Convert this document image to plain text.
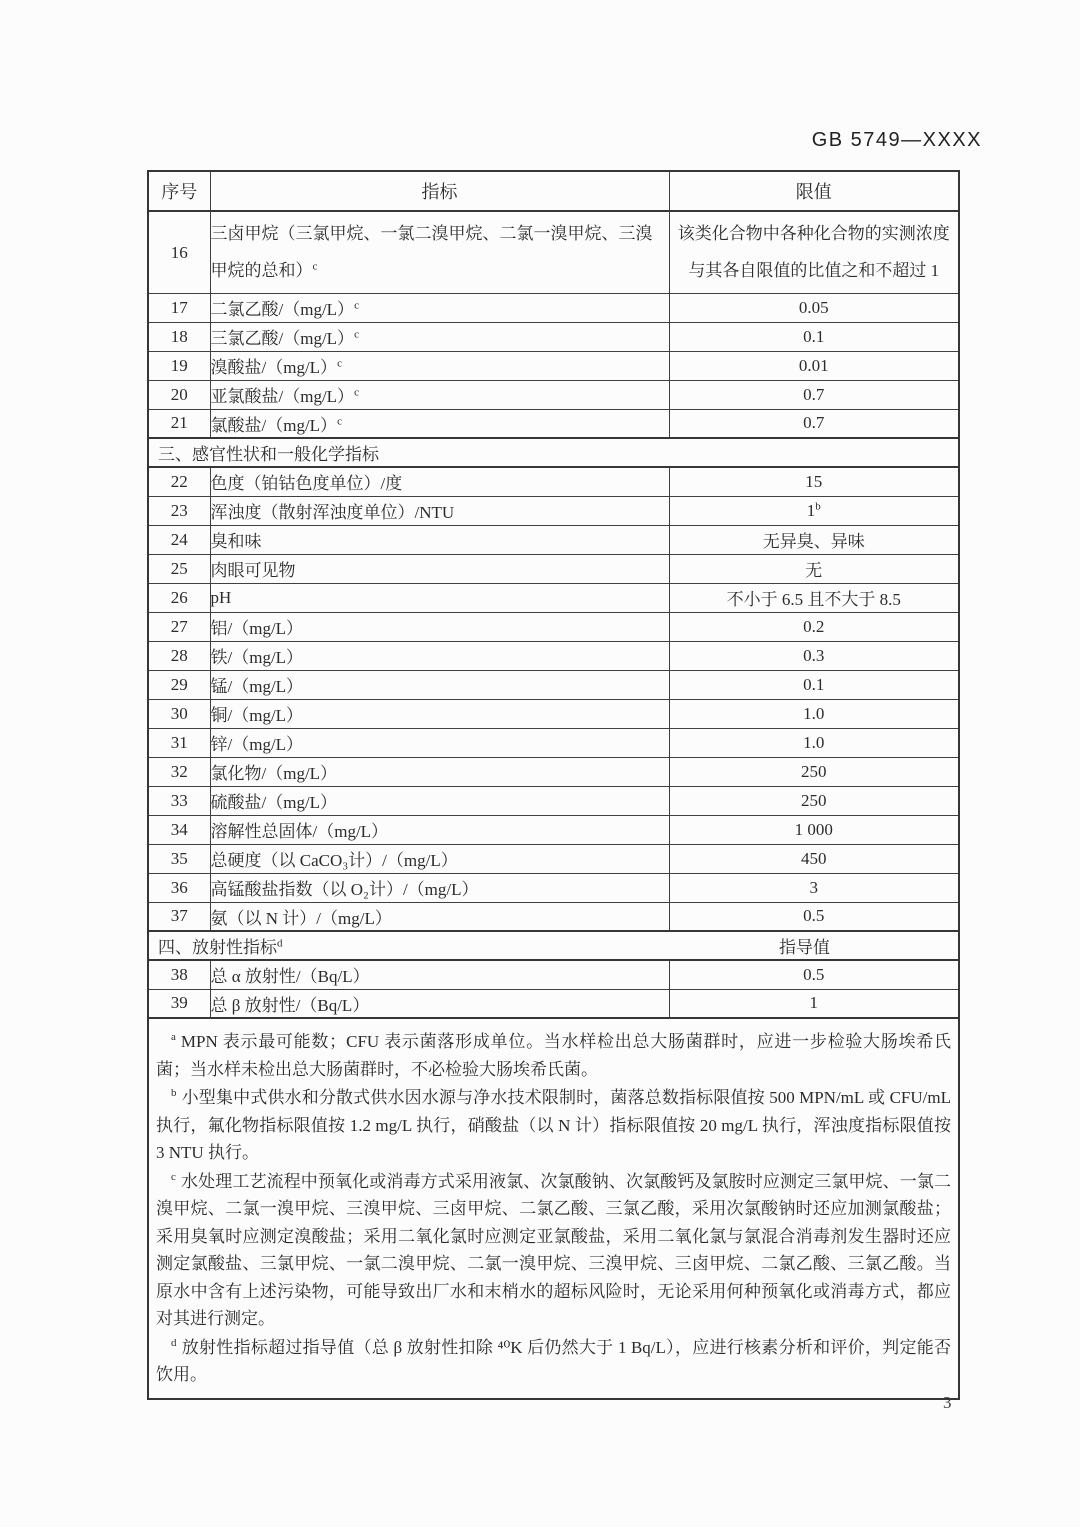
GB 5749—XXXX
序号	指标	限值
16	三卤甲烷（三氯甲烷、一氯二溴甲烷、二氯一溴甲烷、三溴甲烷的总和）$^c$	该类化合物中各种化合物的实测浓度与其各自限值的比值之和不超过 1
17	二氯乙酸$/(mg/L)^c$	0.05
18	三氯乙酸$/(mg/L)^c$	0.1
19	溴酸盐$/(mg/L)^c$	0.01
20	亚氯酸盐$/(mg/L)^c$	0.7
21	氯酸盐$/(mg/L)^c$	0.7

三、感官性状和一般化学指标		

22	色度（铂钴色度单位）/度	15
23	浑浊度（散射浑浊度单位）/NTU	1$^b$
24	臭和味	无异臭、异味
25	肉眼可见物	无
26	pH	不小于 6.5 且不大于 8.5
27	铝/（mg/L）	0.2
28	铁/（mg/L）	0.3
29	锰/（mg/L）	0.1
30	铜/（mg/L）	1.0
31	锌/（mg/L）	1.0
32	氯化物/（mg/L）	250
33	硫酸盐/（mg/L）	250
34	溶解性总固体/（mg/L）	1 000
35	总硬度（以 CaCO₃计）/（mg/L）	450
36	高锰酸盐指数（以 O₂计）/（mg/L）	3
37	氨（以 N 计）/（mg/L）	0.5

四、放射性指标$^d$ 指导值		

38	总 α 放射性/（Bq/L）	0.5
39	总 β 放射性/（Bq/L）	1

$^a$ MPN 表示最可能数；CFU 表示菌落形成单位。当水样检出总大肠菌群时，应进一步检验大肠埃希氏菌；当水样未检出总大肠菌群时，不必检验大肠埃希氏菌。

$^b$ 小型集中式供水和分散式供水因水源与净水技术限制时，菌落总数指标限值按 500 MPN/mL 或 CFU/mL 执行，氟化物指标限值按 1.2 mg/L 执行，硝酸盐（以 N 计）指标限值按 20 mg/L 执行，浑浊度指标限值按 3 NTU 执行。

$^c$ 水处理工艺流程中预氧化或消毒方式采用液氯、次氯酸钠、次氯酸钙及氯胺时应测定三氯甲烷、一氯二溴甲烷、二氯一溴甲烷、三溴甲烷、三卤甲烷、二氯乙酸、三氯乙酸，采用次氯酸钠时还应加测氯酸盐；采用臭氧时应测定溴酸盐；采用二氧化氯时应测定亚氯酸盐，采用二氧化氯与氯混合消毒剂发生器时还应测定氯酸盐、三氯甲烷、一氯二溴甲烷、二氯一溴甲烷、三溴甲烷、三卤甲烷、二氯乙酸、三氯乙酸。当原水中含有上述污染物，可能导致出厂水和末梢水的超标风险时，无论采用何种预氧化或消毒方式，都应对其进行测定。

$^d$ 放射性指标超过指导值（总 β 放射性扣除 ⁴⁰K 后仍然大于 1 Bq/L），应进行核素分析和评价，判定能否饮用。		

3
